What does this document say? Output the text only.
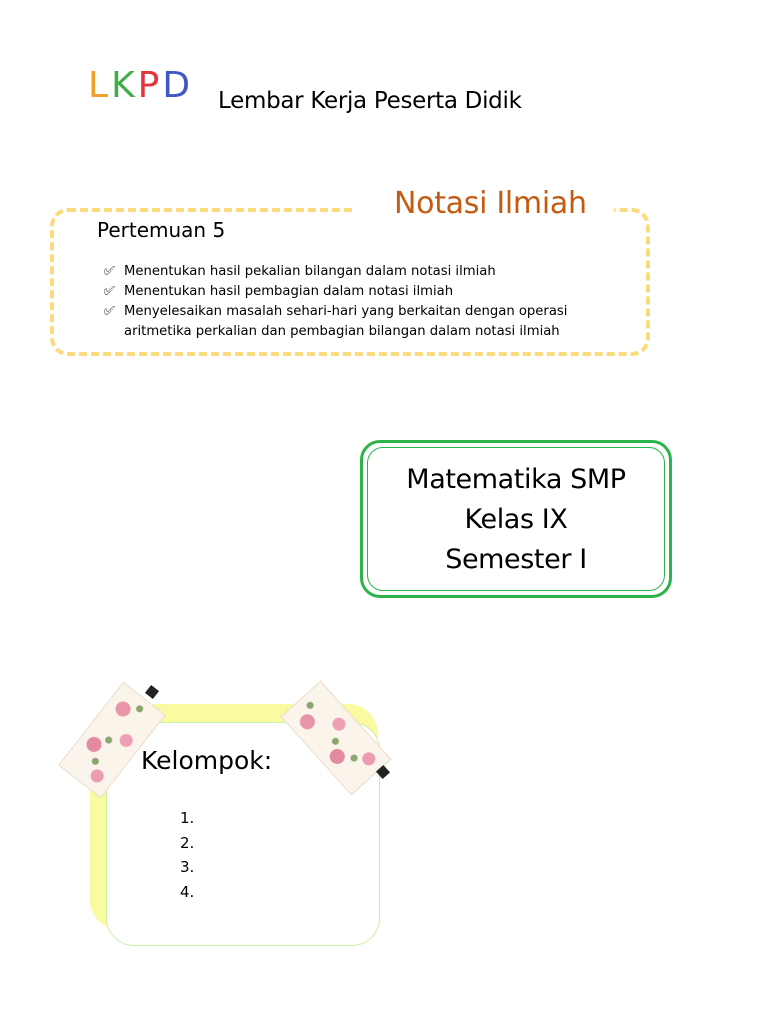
LKPD Lembar Kerja Peserta Didik
Notasi Ilmiah
Pertemuan 5
✅︎ Menentukan hasil pekalian bilangan dalam notasi ilmiah
✅︎ Menentukan hasil pembagian dalam notasi ilmiah
✅︎ Menyelesaikan masalah sehari-hari yang berkaitan dengan operasi aritmetika perkalian dan pembagian bilangan dalam notasi ilmiah
Matematika SMP
Kelas IX
Semester I
Kelompok:
1.
2.
3.
4.
